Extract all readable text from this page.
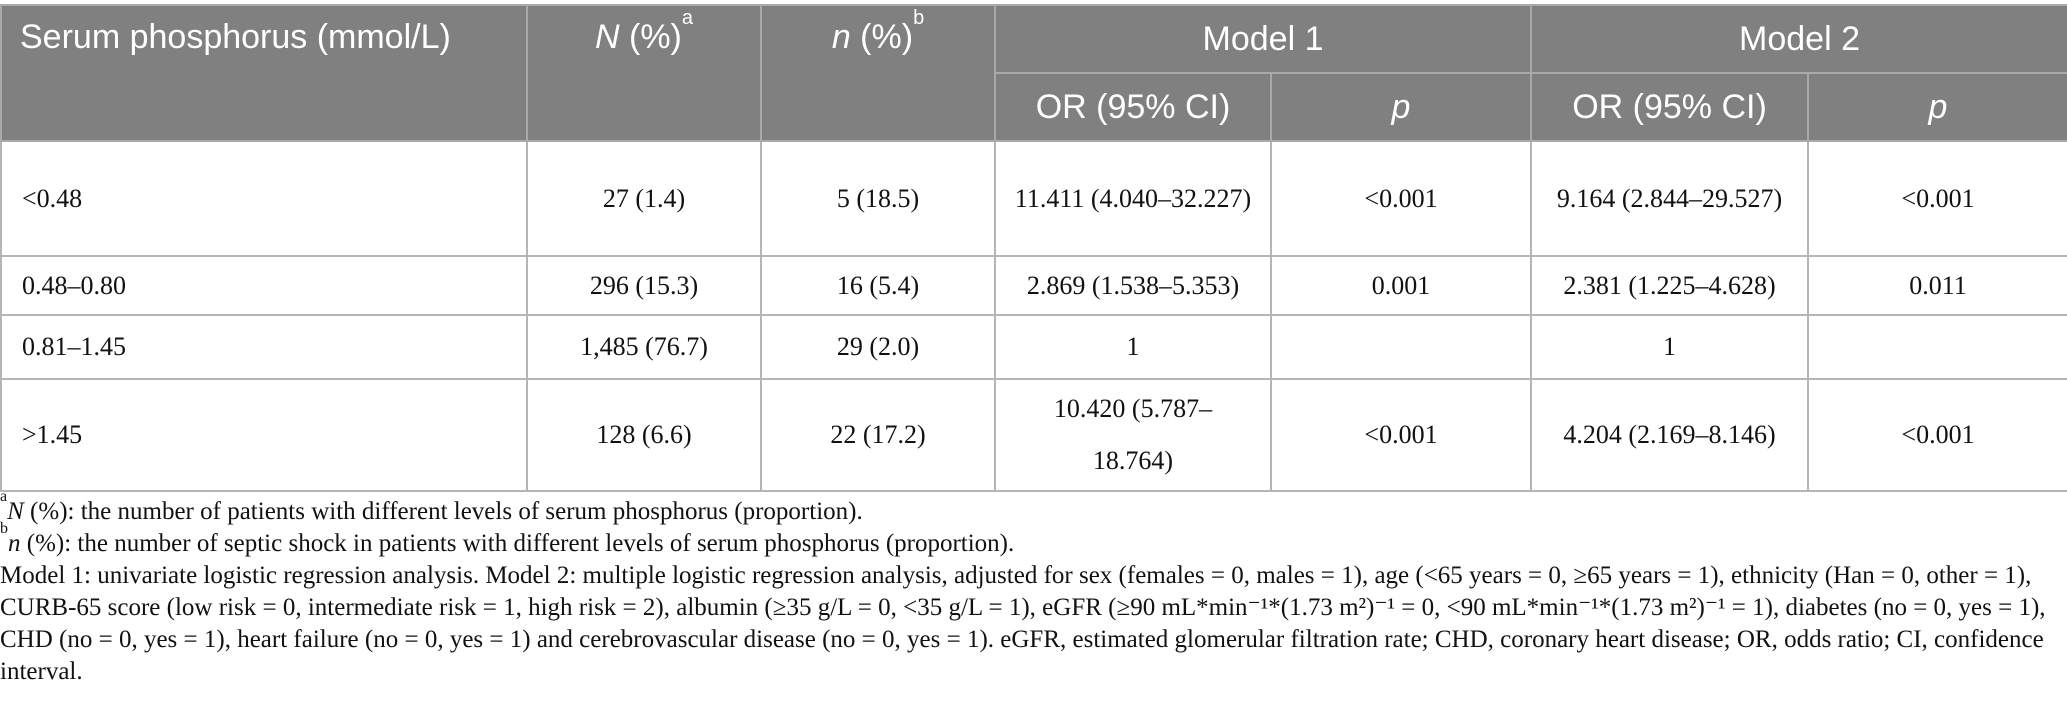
Serum phosphorus (mmol/L)	N (%)$^a$	n (%)$^b$	Model 1		Model 2	
			OR (95% CI)	p	OR (95% CI)	p
<0.48	27 (1.4)	5 (18.5)	11.411 (4.040–32.227)	<0.001	9.164 (2.844–29.527)	<0.001
0.48–0.80	296 (15.3)	16 (5.4)	2.869 (1.538–5.353)	0.001	2.381 (1.225–4.628)	0.011
0.81–1.45	1,485 (76.7)	29 (2.0)	1		1	
>1.45	128 (6.6)	22 (17.2)	10.420 (5.787–18.764)	<0.001	4.204 (2.169–8.146)	<0.001

$^a$N (%): the number of patients with different levels of serum phosphorus (proportion).

$^b$n (%): the number of septic shock in patients with different levels of serum phosphorus (proportion).

Model 1: univariate logistic regression analysis. Model 2: multiple logistic regression analysis, adjusted for sex (females = 0, males = 1), age (<65 years = 0, ≥65 years = 1), ethnicity (Han = 0, other = 1), CURB-65 score (low risk = 0, intermediate risk = 1, high risk = 2), albumin (≥35 g/L = 0, <35 g/L = 1), eGFR (≥90 mL*min⁻¹*(1.73 m²)⁻¹ = 0, <90 mL*min⁻¹*(1.73 m²)⁻¹ = 1), diabetes (no = 0, yes = 1), CHD (no = 0, yes = 1), heart failure (no = 0, yes = 1) and cerebrovascular disease (no = 0, yes = 1). eGFR, estimated glomerular filtration rate; CHD, coronary heart disease; OR, odds ratio; CI, confidence interval.
